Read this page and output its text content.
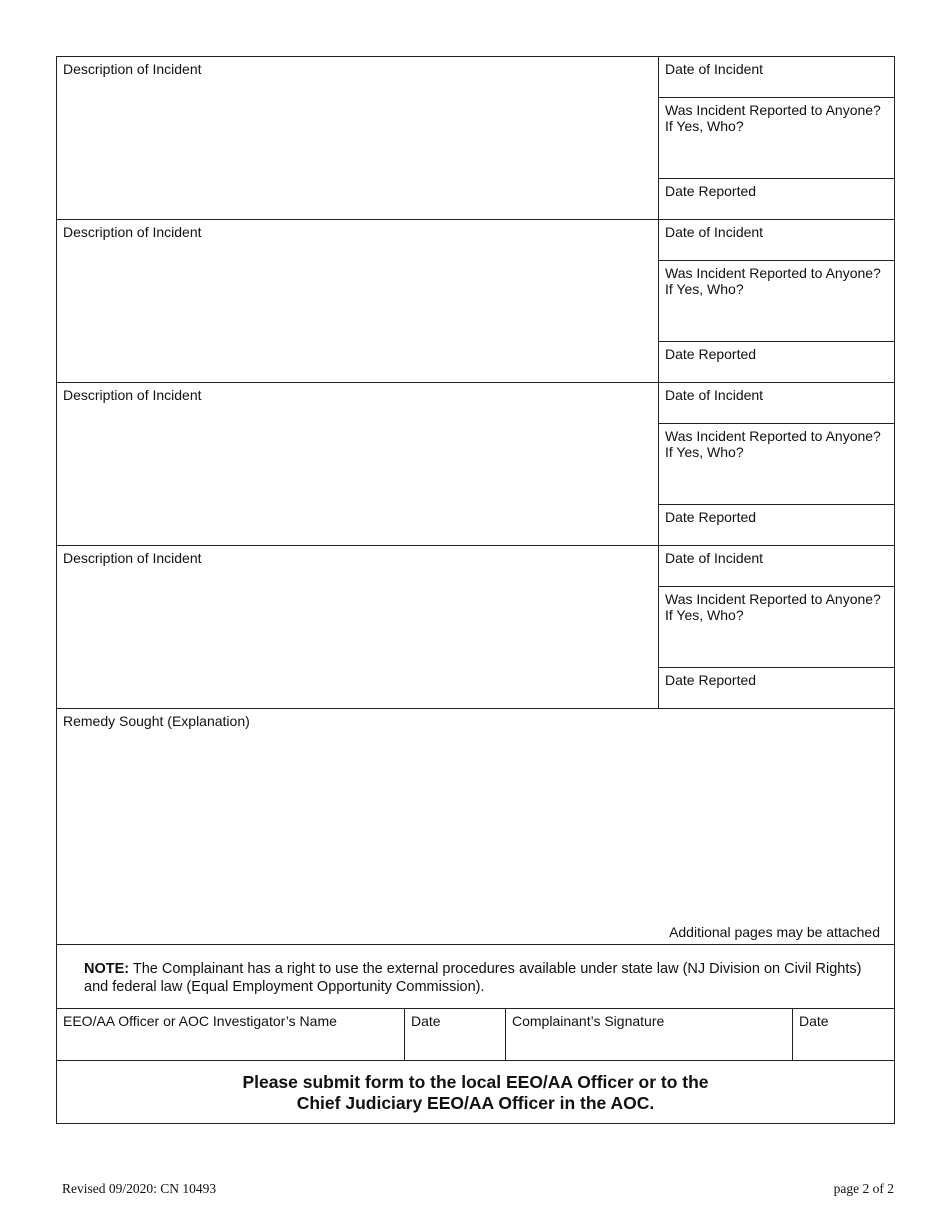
Description of Incident	Date of Incident
Was Incident Reported to Anyone?
If Yes, Who?
Date Reported
Description of Incident	Date of Incident
Was Incident Reported to Anyone?
If Yes, Who?
Date Reported
Description of Incident	Date of Incident
Was Incident Reported to Anyone?
If Yes, Who?
Date Reported
Description of Incident	Date of Incident
Was Incident Reported to Anyone?
If Yes, Who?
Date Reported
Remedy Sought (Explanation)
Additional pages may be attached
NOTE: The Complainant has a right to use the external procedures available under state law (NJ Division on Civil Rights) and federal law (Equal Employment Opportunity Commission).
EEO/AA Officer or AOC Investigator’s Name	Date	Complainant’s Signature	Date
Please submit form to the local EEO/AA Officer or to the
Chief Judiciary EEO/AA Officer in the AOC.
Revised 09/2020: CN 10493	page 2 of 2
